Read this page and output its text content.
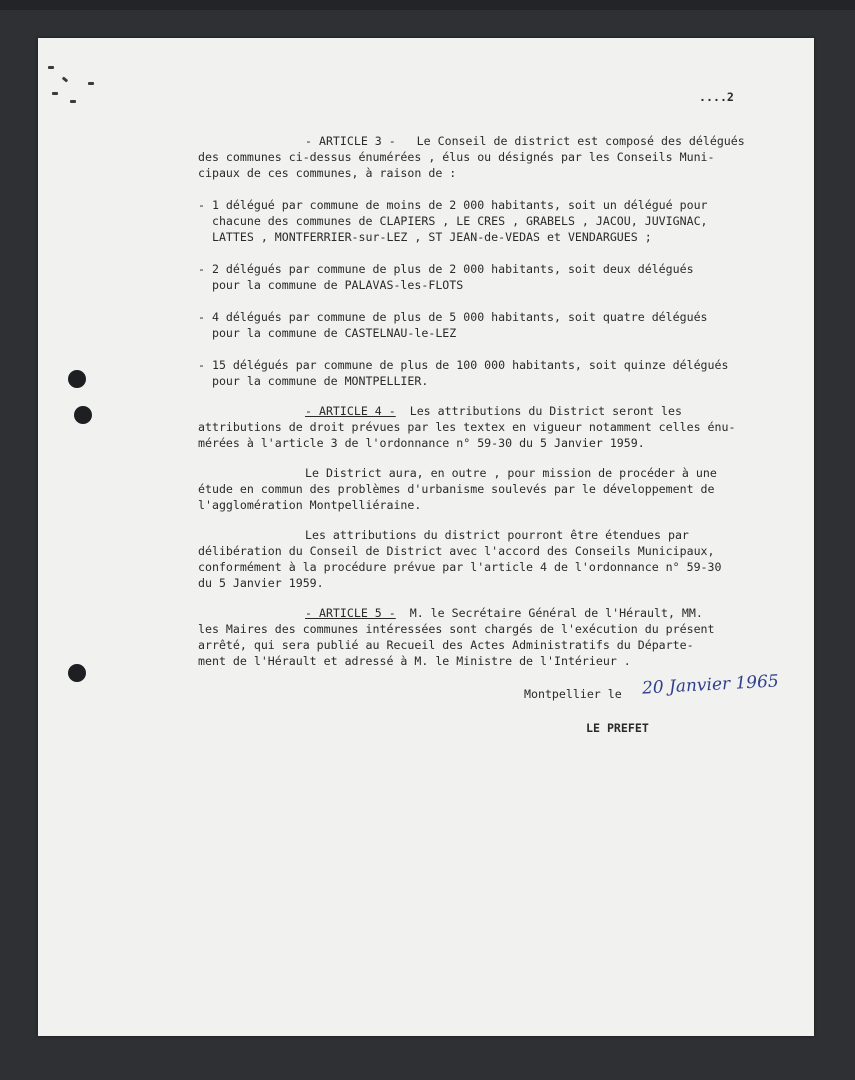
....2
- ARTICLE 3 -   Le Conseil de district est composé des délégués
des communes ci-dessus énumérées , élus ou désignés par les Conseils Muni-
cipaux de ces communes, à raison de :
- 1 délégué par commune de moins de 2 000 habitants, soit un délégué pour
chacune des communes de CLAPIERS , LE CRES , GRABELS , JACOU, JUVIGNAC,
LATTES , MONTFERRIER-sur-LEZ , ST JEAN-de-VEDAS et VENDARGUES ;
- 2 délégués par commune de plus de 2 000 habitants, soit deux délégués
pour la commune de PALAVAS-les-FLOTS
- 4 délégués par commune de plus de 5 000 habitants, soit quatre délégués
pour la commune de CASTELNAU-le-LEZ
- 15 délégués par commune de plus de 100 000 habitants, soit quinze délégués
pour la commune de MONTPELLIER.
- ARTICLE 4 -  Les attributions du District seront les
attributions de droit prévues par les textex en vigueur notamment celles énu-
mérées à l'article 3 de l'ordonnance n° 59-30 du 5 Janvier 1959.
Le District aura, en outre , pour mission de procéder à une
étude en commun des problèmes d'urbanisme soulevés par le développement de
l'agglomération Montpelliéraine.
Les attributions du district pourront être étendues par
délibération du Conseil de District avec l'accord des Conseils Municipaux,
conformément à la procédure prévue par l'article 4 de l'ordonnance n° 59-30
du 5 Janvier 1959.
- ARTICLE 5 -  M. le Secrétaire Général de l'Hérault, MM.
les Maires des communes intéressées sont chargés de l'exécution du présent
arrêté, qui sera publié au Recueil des Actes Administratifs du Départe-
ment de l'Hérault et adressé à M. le Ministre de l'Intérieur .
Montpellier le 20 Janvier 1965
LE PREFET
